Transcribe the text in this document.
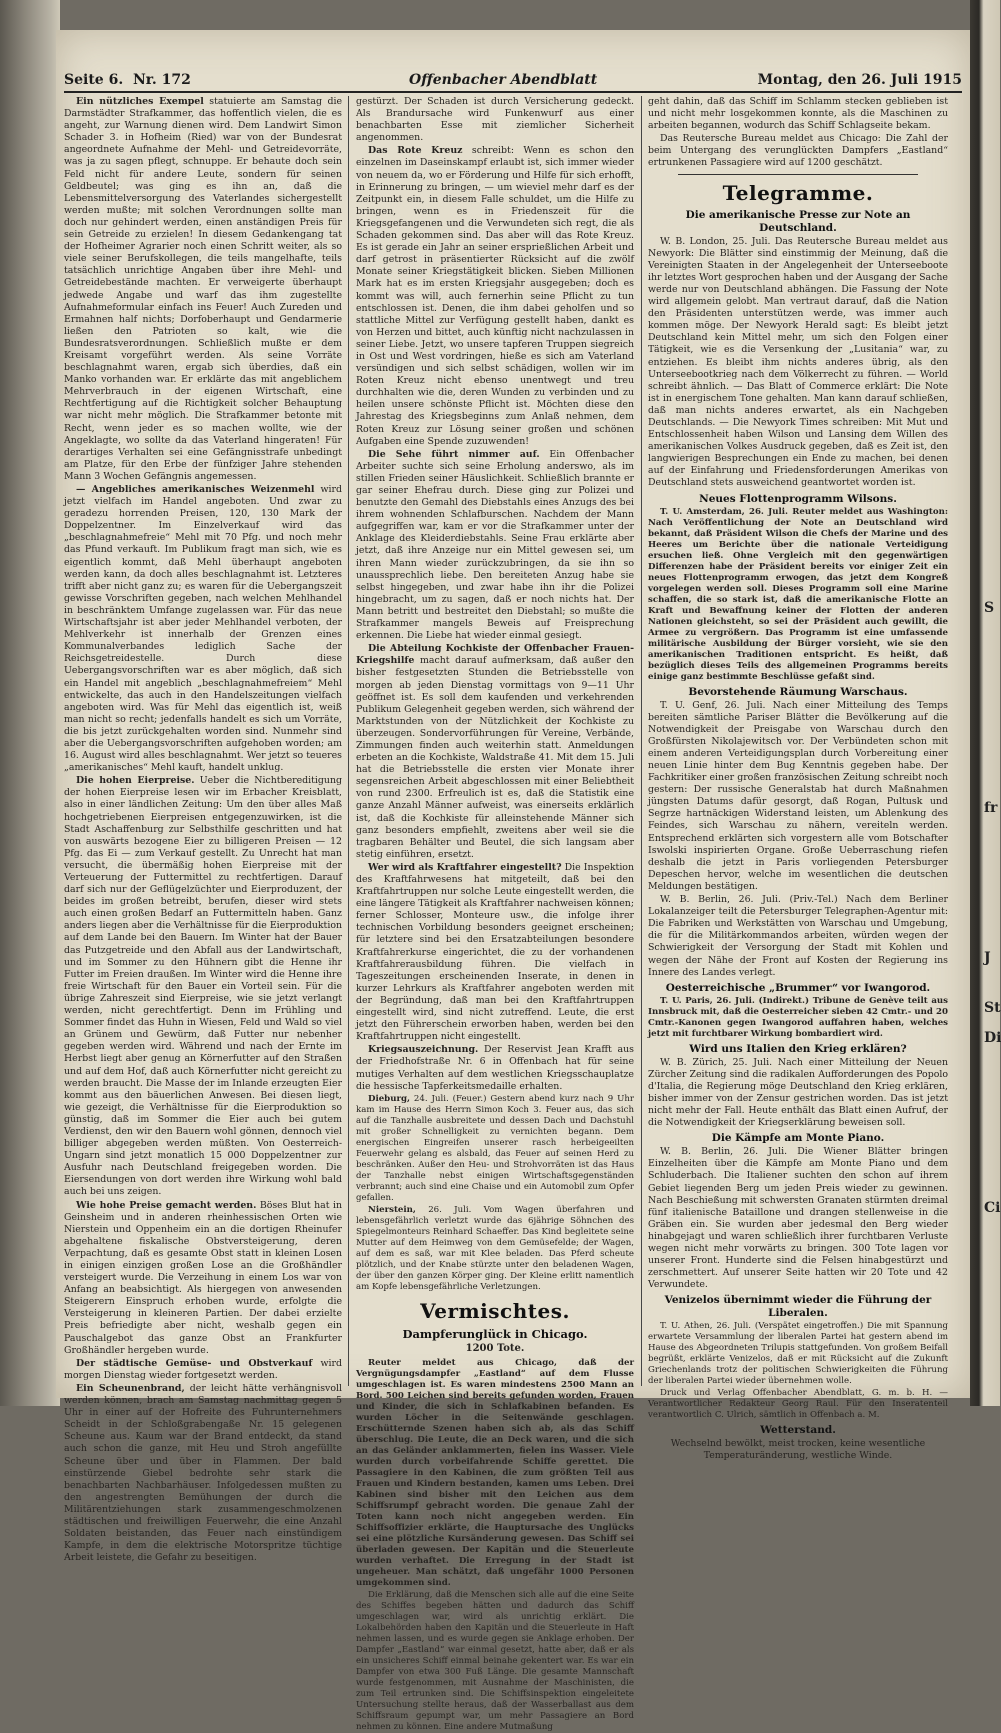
Seite 6. Nr. 172	Offenbacher Abendblatt	Montag, den 26. Juli 1915

Ein nützliches Exempel statuierte am Samstag die Darmstädter Strafkammer, das hoffentlich vielen, die es angeht, zur Warnung dienen wird. Dem Landwirt Simon Schader 3. in Hofheim (Ried) war von der Bundesrat angeordnete Aufnahme der Mehl- und Getreidevorräte, was ja zu sagen pflegt, schnuppe. Er behaute doch sein Feld nicht für andere Leute, sondern für seinen Geldbeutel; was ging es ihn an, daß die Lebensmittelversorgung des Vaterlandes sichergestellt werden mußte; mit solchen Verordnungen sollte man doch nur gehindert werden, einen anständigen Preis für sein Getreide zu erzielen! In diesem Gedankengang tat der Hofheimer Agrarier noch einen Schritt weiter, als so viele seiner Berufskollegen, die teils mangelhafte, teils tatsächlich unrichtige Angaben über ihre Mehl- und Getreidebestände machten. Er verweigerte überhaupt jedwede Angabe und warf das ihm zugestellte Aufnahmeformular einfach ins Feuer! Auch Zureden und Ermahnen half nichts; Dorfoberhaupt und Gendarmerie ließen den Patrioten so kalt, wie die Bundesratsverordnungen. Schließlich mußte er dem Kreisamt vorgeführt werden. Als seine Vorräte beschlagnahmt waren, ergab sich überdies, daß ein Manko vorhanden war. Er erklärte das mit angeblichem Mehrverbrauch in der eigenen Wirtschaft, eine Rechtfertigung auf die Richtigkeit solcher Behauptung war nicht mehr möglich. Die Strafkammer betonte mit Recht, wenn jeder es so machen wollte, wie der Angeklagte, wo sollte da das Vaterland hingeraten! Für derartiges Verhalten sei eine Gefängnisstrafe unbedingt am Platze, für den Erbe der fünfziger Jahre stehenden Mann 3 Wochen Gefängnis angemessen.

— Angebliches amerikanisches Weizenmehl wird jetzt vielfach im Handel angeboten. Und zwar zu geradezu horrenden Preisen, 120, 130 Mark der Doppelzentner. Im Einzelverkauf wird das „beschlagnahmefreie“ Mehl mit 70 Pfg. und noch mehr das Pfund verkauft. Im Publikum fragt man sich, wie es eigentlich kommt, daß Mehl überhaupt angeboten werden kann, da doch alles beschlagnahmt ist. Letzteres trifft aber nicht ganz zu; es waren für die Uebergangszeit gewisse Vorschriften gegeben, nach welchen Mehlhandel in beschränktem Umfange zugelassen war. Für das neue Wirtschaftsjahr ist aber jeder Mehlhandel verboten, der Mehlverkehr ist innerhalb der Grenzen eines Kommunalverbandes lediglich Sache der Reichsgetreidestelle. Durch diese Uebergangsvorschriften war es aber möglich, daß sich ein Handel mit angeblich „beschlagnahmefreiem“ Mehl entwickelte, das auch in den Handelszeitungen vielfach angeboten wird. Was für Mehl das eigentlich ist, weiß man nicht so recht; jedenfalls handelt es sich um Vorräte, die bis jetzt zurückgehalten worden sind. Nunmehr sind aber die Uebergangsvorschriften aufgehoben worden; am 16. August wird alles beschlagnahmt. Wer jetzt so teueres „amerikanisches“ Mehl kauft, handelt unklug.

Die hohen Eierpreise. Ueber die Nichtbereditigung der hohen Eierpreise lesen wir im Erbacher Kreisblatt, also in einer ländlichen Zeitung: Um den über alles Maß hochgetriebenen Eierpreisen entgegenzuwirken, ist die Stadt Aschaffenburg zur Selbsthilfe geschritten und hat von auswärts bezogene Eier zu billigeren Preisen — 12 Pfg. das Ei — zum Verkauf gestellt. Zu Unrecht hat man versucht, die übermäßig hohen Eierpreise mit der Verteuerung der Futtermittel zu rechtfertigen. Darauf darf sich nur der Geflügelzüchter und Eierproduzent, der beides im großen betreibt, berufen, dieser wird stets auch einen großen Bedarf an Futtermitteln haben. Ganz anders liegen aber die Verhältnisse für die Eierproduktion auf dem Lande bei den Bauern. Im Winter hat der Bauer das Putzgetreide und den Abfall aus der Landwirtschaft, und im Sommer zu den Hühnern gibt die Henne ihr Futter im Freien draußen. Im Winter wird die Henne ihre freie Wirtschaft für den Bauer ein Vorteil sein. Für die übrige Zahreszeit sind Eierpreise, wie sie jetzt verlangt werden, nicht gerechtfertigt. Denn im Frühling und Sommer findet das Huhn in Wiesen, Feld und Wald so viel an Grünem und Gewürm, daß Futter nur nebenher gegeben werden wird. Während und nach der Ernte im Herbst liegt aber genug an Körnerfutter auf den Straßen und auf dem Hof, daß auch Körnerfutter nicht gereicht zu werden braucht. Die Masse der im Inlande erzeugten Eier kommt aus den bäuerlichen Anwesen. Bei diesen liegt, wie gezeigt, die Verhältnisse für die Eierproduktion so günstig, daß im Sommer die Eier auch bei gutem Verdienst, den wir den Bauern wohl gönnen, dennoch viel billiger abgegeben werden müßten. Von Oesterreich-Ungarn sind jetzt monatlich 15 000 Doppelzentner zur Ausfuhr nach Deutschland freigegeben worden. Die Eiersendungen von dort werden ihre Wirkung wohl bald auch bei uns zeigen.

Wie hohe Preise gemacht werden. Böses Blut hat in Geinsheim und in anderen rheinhessischen Orten wie Nierstein und Oppenheim ein an die dortigen Rheinufer abgehaltene fiskalische Obstversteigerung, deren Verpachtung, daß es gesamte Obst statt in kleinen Losen in einigen einzigen großen Lose an die Großhändler versteigert wurde. Die Verzeihung in einem Los war von Anfang an beabsichtigt. Als hiergegen von anwesenden Steigerern Einspruch erhoben wurde, erfolgte die Versteigerung in kleineren Partien. Der dabei erzielte Preis befriedigte aber nicht, weshalb gegen ein Pauschalgebot das ganze Obst an Frankfurter Großhändler hergeben wurde.

Der städtische Gemüse- und Obstverkauf wird morgen Dienstag wieder fortgesetzt werden.

Ein Scheunenbrand, der leicht hätte verhängnisvoll werden können, brach am Samstag nachmittag gegen 5 Uhr in einer auf der Hofreite des Fuhrunternehmers Scheidt in der Schloßgrabengaße Nr. 15 gelegenen Scheune aus. Kaum war der Brand entdeckt, da stand auch schon die ganze, mit Heu und Stroh angefüllte Scheune über und über in Flammen. Der bald einstürzende Giebel bedrohte sehr stark die benachbarten Nachbarhäuser. Infolgedessen mußten zu den angestrengten Bemühungen der durch die Militärentziehungen stark zusammengeschmolzenen städtischen und freiwilligen Feuerwehr, die eine Anzahl Soldaten beistanden, das Feuer nach einstündigem Kampfe, in dem die elektrische Motorspritze tüchtige Arbeit leistete, die Gefahr zu beseitigen.

gestürzt. Der Schaden ist durch Versicherung gedeckt. Als Brandursache wird Funkenwurf aus einer benachbarten Esse mit ziemlicher Sicherheit angenommen.

Das Rote Kreuz schreibt: Wenn es schon den einzelnen im Daseinskampf erlaubt ist, sich immer wieder von neuem da, wo er Förderung und Hilfe für sich erhofft, in Erinnerung zu bringen, — um wieviel mehr darf es der Zeitpunkt ein, in diesem Falle schuldet, um die Hilfe zu bringen, wenn es in Friedenszeit für die Kriegsgefangenen und die Verwundeten sich regt, die als Schaden gekommen sind. Das aber will das Rote Kreuz. Es ist gerade ein Jahr an seiner ersprießlichen Arbeit und darf getrost in präsentierter Rücksicht auf die zwölf Monate seiner Kriegstätigkeit blicken. Sieben Millionen Mark hat es im ersten Kriegsjahr ausgegeben; doch es kommt was will, auch fernerhin seine Pflicht zu tun entschlossen ist. Denen, die ihm dabei geholfen und so stattliche Mittel zur Verfügung gestellt haben, dankt es von Herzen und bittet, auch künftig nicht nachzulassen in seiner Liebe. Jetzt, wo unsere tapferen Truppen siegreich in Ost und West vordringen, hieße es sich am Vaterland versündigen und sich selbst schädigen, wollen wir im Roten Kreuz nicht ebenso unentwegt und treu durchhalten wie die, deren Wunden zu verbinden und zu heilen unsere schönste Pflicht ist. Möchten diese den Jahrestag des Kriegsbeginns zum Anlaß nehmen, dem Roten Kreuz zur Lösung seiner großen und schönen Aufgaben eine Spende zuzuwenden!

Die Sehe führt nimmer auf. Ein Offenbacher Arbeiter suchte sich seine Erholung anderswo, als im stillen Frieden seiner Häuslichkeit. Schließlich brannte er gar seiner Ehefrau durch. Diese ging zur Polizei und benutzte den Gemahl des Diebstahls eines Anzugs des bei ihrem wohnenden Schlafburschen. Nachdem der Mann aufgegriffen war, kam er vor die Strafkammer unter der Anklage des Kleiderdiebstahls. Seine Frau erklärte aber jetzt, daß ihre Anzeige nur ein Mittel gewesen sei, um ihren Mann wieder zurückzubringen, da sie ihn so unaussprechlich liebe. Den bereiteten Anzug habe sie selbst hingegeben, und zwar habe ihn ihr die Polizei hingebracht, um zu sagen, daß er noch nichts hat. Der Mann betritt und bestreitet den Diebstahl; so mußte die Strafkammer mangels Beweis auf Freisprechung erkennen. Die Liebe hat wieder einmal gesiegt.

Die Abteilung Kochkiste der Offenbacher Frauen-Kriegshilfe macht darauf aufmerksam, daß außer den bisher festgesetzten Stunden die Betriebsstelle von morgen ab jeden Dienstag vormittags von 9—11 Uhr geöffnet ist. Es soll dem kaufenden und verkehrenden Publikum Gelegenheit gegeben werden, sich während der Marktstunden von der Nützlichkeit der Kochkiste zu überzeugen. Sondervorführungen für Vereine, Verbände, Zimmungen finden auch weiterhin statt. Anmeldungen erbeten an die Kochkiste, Waldstraße 41. Mit dem 15. Juli hat die Betriebsstelle die ersten vier Monate ihrer segensreichen Arbeit abgeschlossen mit einer Beliebtheit von rund 2300. Erfreulich ist es, daß die Statistik eine ganze Anzahl Männer aufweist, was einerseits erklärlich ist, daß die Kochkiste für alleinstehende Männer sich ganz besonders empfiehlt, zweitens aber weil sie die tragbaren Behälter und Beutel, die sich langsam aber stetig einführen, ersetzt.

Wer wird als Kraftfahrer eingestellt? Die Inspektion des Kraftfahrwesens hat mitgeteilt, daß bei den Kraftfahrtruppen nur solche Leute eingestellt werden, die eine längere Tätigkeit als Kraftfahrer nachweisen können; ferner Schlosser, Monteure usw., die infolge ihrer technischen Vorbildung besonders geeignet erscheinen; für letztere sind bei den Ersatzabteilungen besondere Kraftfahrerkurse eingerichtet, die zu der vorhandenen Kraftfahrerausbildung führen. Die vielfach in Tageszeitungen erscheinenden Inserate, in denen in kurzer Lehrkurs als Kraftfahrer angeboten werden mit der Begründung, daß man bei den Kraftfahrtruppen eingestellt wird, sind nicht zutreffend. Leute, die erst jetzt den Führerschein erworben haben, werden bei den Kraftfahrtruppen nicht eingestellt.

Kriegsauszeichnung. Der Reservist Jean Krafft aus der Friedhofstraße Nr. 6 in Offenbach hat für seine mutiges Verhalten auf dem westlichen Kriegsschauplatze die hessische Tapferkeitsmedaille erhalten.

Dieburg, 24. Juli. (Feuer.) Gestern abend kurz nach 9 Uhr kam im Hause des Herrn Simon Koch 3. Feuer aus, das sich auf die Tanzhalle ausbreitete und dessen Dach und Dachstuhl mit großer Schnelligkeit zu vernichten begann. Dem energischen Eingreifen unserer rasch herbeigeeilten Feuerwehr gelang es alsbald, das Feuer auf seinen Herd zu beschränken. Außer den Heu- und Strohvorräten ist das Haus der Tanzhalle nebst einigen Wirtschaftsgegenständen verbrannt; auch sind eine Chaise und ein Automobil zum Opfer gefallen.

Nierstein, 26. Juli. Vom Wagen überfahren und lebensgefährlich verletzt wurde das 6jährige Söhnchen des Spiegelmonteurs Reinhard Schaeffer. Das Kind begleitete seine Mutter auf dem Heimweg von dem Gemüsefelde; der Wagen, auf dem es saß, war mit Klee beladen. Das Pferd scheute plötzlich, und der Knabe stürzte unter den beladenen Wagen, der über den ganzen Körper ging. Der Kleine erlitt namentlich am Kopfe lebensgefährliche Verletzungen.

Vermischtes.
Dampferunglück in Chicago.
1200 Tote.

Reuter meldet aus Chicago, daß der Vergnügungsdampfer „Eastland“ auf dem Flusse umgeschlagen ist. Es waren mindestens 2500 Mann an Bord. 500 Leichen sind bereits gefunden worden, Frauen und Kinder, die sich in Schlafkabinen befanden. Es wurden Löcher in die Seitenwände geschlagen. Erschütternde Szenen haben sich ab, als das Schiff überschlug. Die Leute, die an Deck waren, und die sich an das Geländer anklammerten, fielen ins Wasser. Viele wurden durch vorbeifahrende Schiffe gerettet. Die Passagiere in den Kabinen, die zum größten Teil aus Frauen und Kindern bestanden, kamen ums Leben. Drei Kabinen sind bisher mit den Leichen aus dem Schiffsrumpf gebracht worden. Die genaue Zahl der Toten kann noch nicht angegeben werden. Ein Schiffsoffizier erklärte, die Hauptursache des Unglücks sei eine plötzliche Kursänderung gewesen. Das Schiff sei überladen gewesen. Der Kapitän und die Steuerleute wurden verhaftet. Die Erregung in der Stadt ist ungeheuer. Man schätzt, daß ungefähr 1000 Personen umgekommen sind.

Die Erklärung, daß die Menschen sich alle auf die eine Seite des Schiffes begeben hätten und dadurch das Schiff umgeschlagen war, wird als unrichtig erklärt. Die Lokalbehörden haben den Kapitän und die Steuerleute in Haft nehmen lassen, und es wurde gegen sie Anklage erhoben. Der Dampfer „Eastland“ war einmal gesetzt, hatte aber, daß er als ein unsicheres Schiff einmal beinahe gekentert war. Es war ein Dampfer von etwa 300 Fuß Länge. Die gesamte Mannschaft wurde festgenommen, mit Ausnahme der Maschinisten, die zum Teil ertrunken sind. Die Schiffsinspektion eingeleitete Untersuchung stellte heraus, daß der Wasserballast aus dem Schiffsraum gepumpt war, um mehr Passagiere an Bord nehmen zu können. Eine andere Mutmaßung

geht dahin, daß das Schiff im Schlamm stecken geblieben ist und nicht mehr losgekommen konnte, als die Maschinen zu arbeiten begannen, wodurch das Schiff Schlagseite bekam.

Das Reutersche Bureau meldet aus Chicago: Die Zahl der beim Untergang des verunglückten Dampfers „Eastland“ ertrunkenen Passagiere wird auf 1200 geschätzt.

Telegramme.
Die amerikanische Presse zur Note an Deutschland.

W. B. London, 25. Juli. Das Reutersche Bureau meldet aus Newyork: Die Blätter sind einstimmig der Meinung, daß die Vereinigten Staaten in der Angelegenheit der Unterseeboote ihr letztes Wort gesprochen haben und der Ausgang der Sache werde nur von Deutschland abhängen. Die Fassung der Note wird allgemein gelobt. Man vertraut darauf, daß die Nation den Präsidenten unterstützen werde, was immer auch kommen möge. Der Newyork Herald sagt: Es bleibt jetzt Deutschland kein Mittel mehr, um sich den Folgen einer Tätigkeit, wie es die Versenkung der „Lusitania“ war, zu entziehen. Es bleibt ihm nichts anderes übrig, als den Unterseebootkrieg nach dem Völkerrecht zu führen. — World schreibt ähnlich. — Das Blatt of Commerce erklärt: Die Note ist in energischem Tone gehalten. Man kann darauf schließen, daß man nichts anderes erwartet, als ein Nachgeben Deutschlands. — Die Newyork Times schreiben: Mit Mut und Entschlossenheit haben Wilson und Lansing dem Willen des amerikanischen Volkes Ausdruck gegeben, daß es Zeit ist, den langwierigen Besprechungen ein Ende zu machen, bei denen auf der Einfahrung und Friedensforderungen Amerikas von Deutschland stets ausweichend geantwortet worden ist.

Neues Flottenprogramm Wilsons.

T. U. Amsterdam, 26. Juli. Reuter meldet aus Washington: Nach Veröffentlichung der Note an Deutschland wird bekannt, daß Präsident Wilson die Chefs der Marine und des Heeres um Berichte über die nationale Verteidigung ersuchen ließ. Ohne Vergleich mit den gegenwärtigen Differenzen habe der Präsident bereits vor einiger Zeit ein neues Flottenprogramm erwogen, das jetzt dem Kongreß vorgelegen werden soll. Dieses Programm soll eine Marine schaffen, die so stark ist, daß die amerikanische Flotte an Kraft und Bewaffnung keiner der Flotten der anderen Nationen gleichsteht, so sei der Präsident auch gewillt, die Armee zu vergrößern. Das Programm ist eine umfassende militärische Ausbildung der Bürger vorsieht, wie sie den amerikanischen Traditionen entspricht. Es heißt, daß bezüglich dieses Teils des allgemeinen Programms bereits einige ganz bestimmte Beschlüsse gefaßt sind.

Bevorstehende Räumung Warschaus.

T. U. Genf, 26. Juli. Nach einer Mitteilung des Temps bereiten sämtliche Pariser Blätter die Bevölkerung auf die Notwendigkeit der Preisgabe von Warschau durch den Großfürsten Nikolajewitsch vor. Der Verbündeten schon mit einem anderen Verteidigungsplan durch Vorbereitung einer neuen Linie hinter dem Bug Kenntnis gegeben habe. Der Fachkritiker einer großen französischen Zeitung schreibt noch gestern: Der russische Generalstab hat durch Maßnahmen jüngsten Datums dafür gesorgt, daß Rogan, Pultusk und Segrze hartnäckigen Widerstand leisten, um Ablenkung des Feindes, sich Warschau zu nähern, vereiteln werden. Entsprechend erklärten sich vorgestern alle vom Botschafter Iswolski inspirierten Organe. Große Ueberraschung riefen deshalb die jetzt in Paris vorliegenden Petersburger Depeschen hervor, welche im wesentlichen die deutschen Meldungen bestätigen.

W. B. Berlin, 26. Juli. (Priv.-Tel.) Nach dem Berliner Lokalanzeiger teilt die Petersburger Telegraphen-Agentur mit: Die Fabriken und Werkstätten von Warschau und Umgebung, die für die Militärkommandos arbeiten, würden wegen der Schwierigkeit der Versorgung der Stadt mit Kohlen und wegen der Nähe der Front auf Kosten der Regierung ins Innere des Landes verlegt.

Oesterreichische „Brummer“ vor Iwangorod.

T. U. Paris, 26. Juli. (Indirekt.) Tribune de Genève teilt aus Innsbruck mit, daß die Oesterreicher sieben 42 Cmtr.- und 20 Cmtr.-Kanonen gegen Iwangorod auffahren haben, welches jetzt mit furchtbarer Wirkung bombardiert wird.

Wird uns Italien den Krieg erklären?

W. B. Zürich, 25. Juli. Nach einer Mitteilung der Neuen Zürcher Zeitung sind die radikalen Aufforderungen des Popolo d'Italia, die Regierung möge Deutschland den Krieg erklären, bisher immer von der Zensur gestrichen worden. Das ist jetzt nicht mehr der Fall. Heute enthält das Blatt einen Aufruf, der die Notwendigkeit der Kriegserklärung beweisen soll.

Die Kämpfe am Monte Piano.

W. B. Berlin, 26. Juli. Die Wiener Blätter bringen Einzelheiten über die Kämpfe am Monte Piano und dem Schluderbach. Die Italiener suchten den schon auf ihrem Gebiet liegenden Berg um jeden Preis wieder zu gewinnen. Nach Beschießung mit schwersten Granaten stürmten dreimal fünf italienische Bataillone und drangen stellenweise in die Gräben ein. Sie wurden aber jedesmal den Berg wieder hinabgejagt und waren schließlich ihrer furchtbaren Verluste wegen nicht mehr vorwärts zu bringen. 300 Tote lagen vor unserer Front. Hunderte sind die Felsen hinabgestürzt und zerschmettert. Auf unserer Seite hatten wir 20 Tote und 42 Verwundete.

Venizelos übernimmt wieder die Führung der Liberalen.

T. U. Athen, 26. Juli. (Verspätet eingetroffen.) Die mit Spannung erwartete Versammlung der liberalen Partei hat gestern abend im Hause des Abgeordneten Trilupis stattgefunden. Von großem Beifall begrüßt, erklärte Venizelos, daß er mit Rücksicht auf die Zukunft Griechenlands trotz der politischen Schwierigkeiten die Führung der liberalen Partei wieder übernehmen wolle.

Druck und Verlag Offenbacher Abendblatt, G. m. b. H. — Verantwortlicher Redakteur Georg Raul. Für den Inseratenteil verantwortlich C. Ulrich, sämtlich in Offenbach a. M.

Wetterstand.

Wechselnd bewölkt, meist trocken, keine wesentliche Temperaturänderung, westliche Winde.

S
fr
J
St
Di
Ci
